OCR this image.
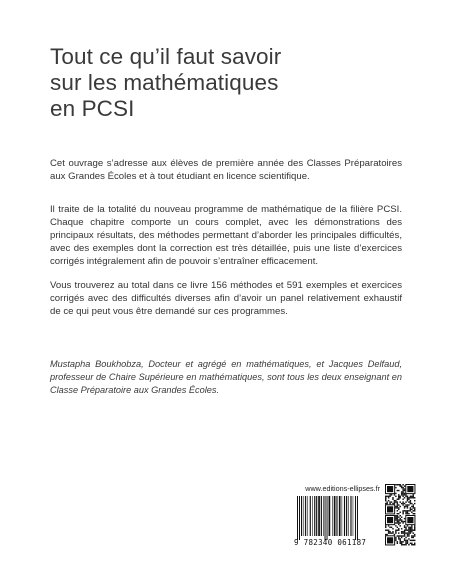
Tout ce qu’il faut savoir
sur les mathématiques
en PCSI

Cet ouvrage s’adresse aux élèves de première année des Classes Préparatoires aux Grandes Écoles et à tout étudiant en licence scientifique.

Il traite de la totalité du nouveau programme de mathématique de la filière PCSI. Chaque chapitre comporte un cours complet, avec les démonstrations des principaux résultats, des méthodes permettant d’aborder les principales difficultés, avec des exemples dont la correction est très détaillée, puis une liste d’exercices corrigés intégralement afin de pouvoir s’entraîner efficacement.

Vous trouverez au total dans ce livre 156 méthodes et 591 exemples et exercices corrigés avec des difficultés diverses afin d’avoir un panel relativement exhaustif de ce qui peut vous être demandé sur ces programmes.

Mustapha Boukhobza, Docteur et agrégé en mathématiques, et Jacques Delfaud, professeur de Chaire Supérieure en mathématiques, sont tous les deux enseignant en Classe Préparatoire aux Grandes Écoles.

www.editions-ellipses.fr
9 782340 061187
